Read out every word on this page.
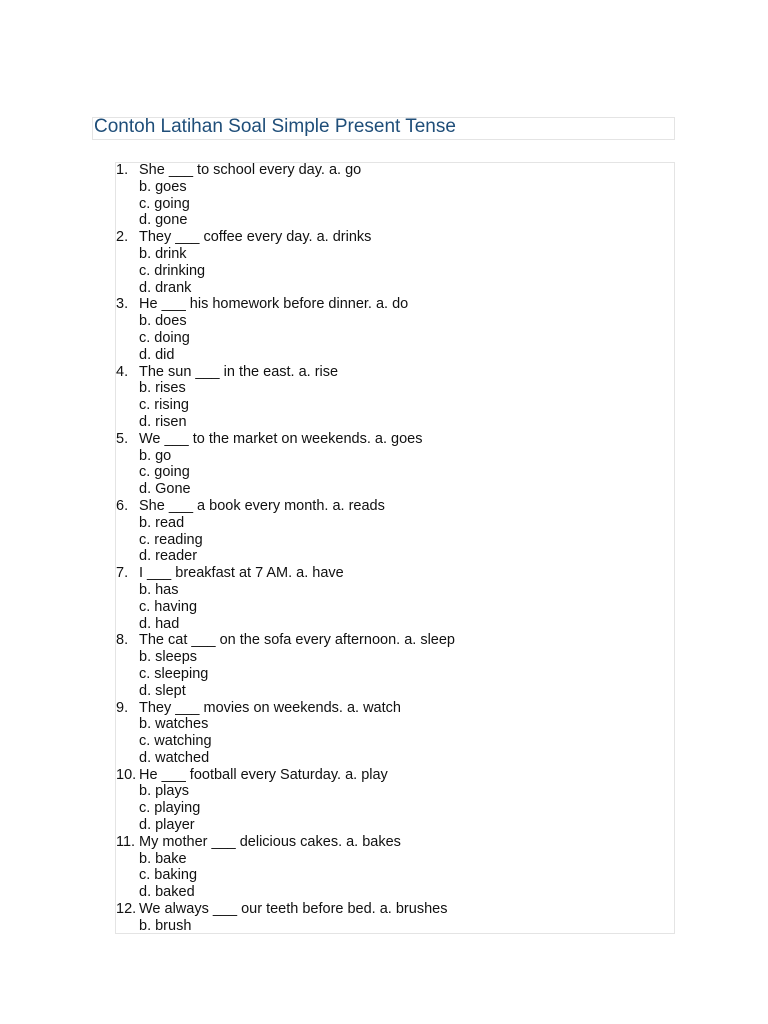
Contoh Latihan Soal Simple Present Tense
1. She ___ to school every day. a. go
b. goes
c. going
d. gone
2. They ___ coffee every day. a. drinks
b. drink
c. drinking
d. drank
3. He ___ his homework before dinner. a. do
b. does
c. doing
d. did
4. The sun ___ in the east. a. rise
b. rises
c. rising
d. risen
5. We ___ to the market on weekends. a. goes
b. go
c. going
d. Gone
6. She ___ a book every month. a. reads
b. read
c. reading
d. reader
7. I ___ breakfast at 7 AM. a. have
b. has
c. having
d. had
8. The cat ___ on the sofa every afternoon. a. sleep
b. sleeps
c. sleeping
d. slept
9. They ___ movies on weekends. a. watch
b. watches
c. watching
d. watched
10. He ___ football every Saturday. a. play
b. plays
c. playing
d. player
11. My mother ___ delicious cakes. a. bakes
b. bake
c. baking
d. baked
12. We always ___ our teeth before bed. a. brushes
b. brush
